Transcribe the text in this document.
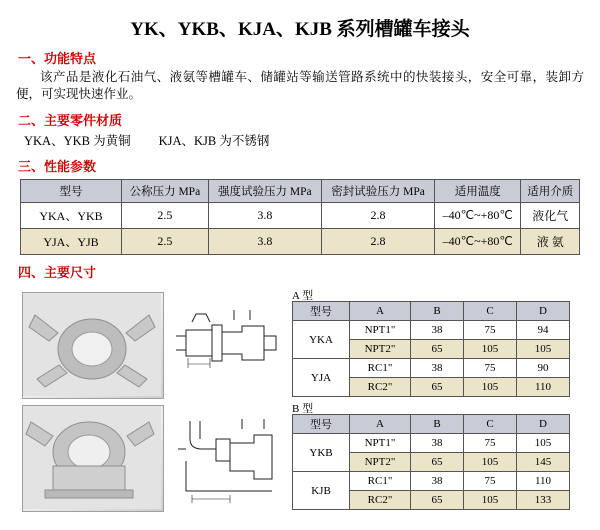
YK、YKB、KJA、KJB 系列槽罐车接头
一、功能特点
该产品是液化石油气、液氨等槽罐车、储罐站等输送管路系统中的快装接头，安全可靠，装卸方便，可实现快速作业。
二、主要零件材质
YKA、YKB 为黄铜 KJA、KJB 为不锈钢
三、性能参数
型号	公称压力 MPa	强度试验压力 MPa	密封试验压力 MPa	适用温度	适用介质
YKA、YKB	2.5	3.8	2.8	–40℃~+80℃	液化气
YJA、YJB	2.5	3.8	2.8	–40℃~+80℃	液 氨
四、主要尺寸
A 型
型号	A	B	C	D
YKA	NPT1"	38	75	94
	NPT2"	65	105	105
YJA	RC1"	38	75	90
	RC2"	65	105	110
B 型
型号	A	B	C	D
YKB	NPT1"	38	75	105
	NPT2"	65	105	145
KJB	RC1"	38	75	110
	RC2"	65	105	133
